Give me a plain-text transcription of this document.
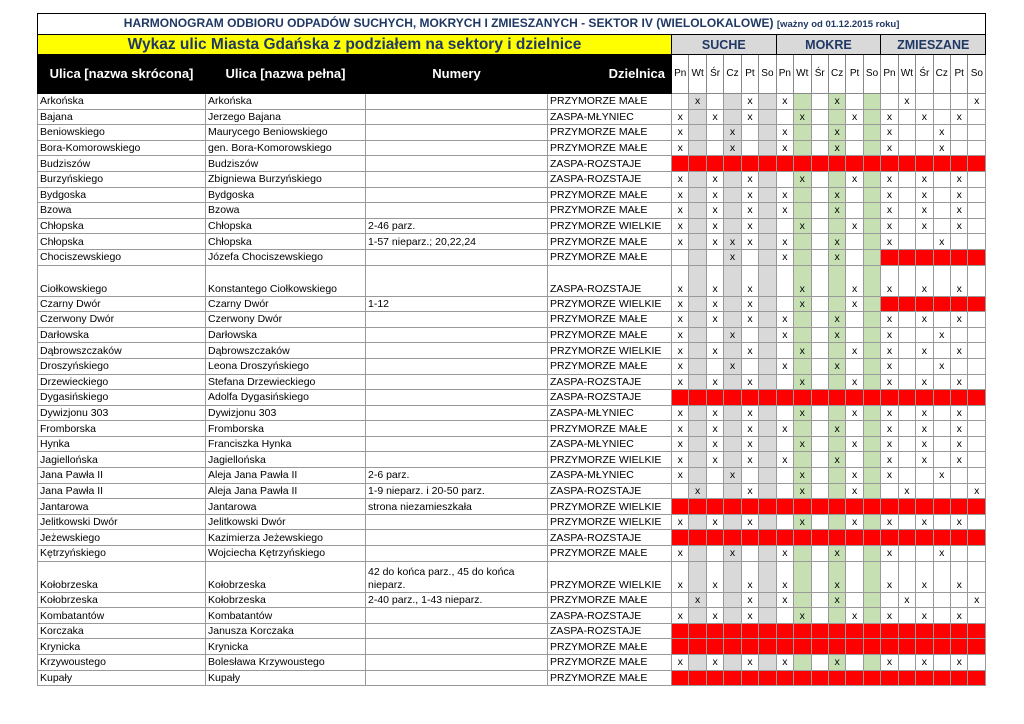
HARMONOGRAM ODBIORU ODPADÓW SUCHYCH, MOKRYCH I ZMIESZANYCH - SEKTOR IV (WIELOLOKALOWE) [ważny od 01.12.2015 roku]																					
Wykaz ulic Miasta Gdańska z podziałem na sektory i dzielnice				SUCHE						MOKRE						ZMIESZANE					
Ulica [nazwa skrócona]	Ulica [nazwa pełna]	Numery	Dzielnica	Pn	Wt	Śr	Cz	Pt	So	Pn	Wt	Śr	Cz	Pt	So	Pn	Wt	Śr	Cz	Pt	So
Arkońska	Arkońska		PRZYMORZE MAŁE		x			x		x			x				x				x
Bajana	Jerzego Bajana		ZASPA-MŁYNIEC	x		x		x			x			x		x		x		x	
Beniowskiego	Maurycego Beniowskiego		PRZYMORZE MAŁE	x			x			x			x			x			x		
Bora-Komorowskiego	gen. Bora-Komorowskiego		PRZYMORZE MAŁE	x			x			x			x			x			x		
Budziszów	Budziszów		ZASPA-ROZSTAJE																		
Burzyńskiego	Zbigniewa Burzyńskiego		ZASPA-ROZSTAJE	x		x		x			x			x		x		x		x	
Bydgoska	Bydgoska		PRZYMORZE MAŁE	x		x		x		x			x			x		x		x	
Bzowa	Bzowa		PRZYMORZE MAŁE	x		x		x		x			x			x		x		x	
Chłopska	Chłopska	2-46 parz.	PRZYMORZE WIELKIE	x		x		x			x			x		x		x		x	
Chłopska	Chłopska	1-57 nieparz.; 20,22,24	PRZYMORZE MAŁE	x		x	x	x		x			x			x			x		
Chociszewskiego	Józefa Chociszewskiego		PRZYMORZE MAŁE				x			x			x								
Ciołkowskiego	Konstantego Ciołkowskiego		ZASPA-ROZSTAJE	x		x		x			x			x		x		x		x	
Czarny Dwór	Czarny Dwór	1-12	PRZYMORZE WIELKIE	x		x		x			x			x							
Czerwony Dwór	Czerwony Dwór		PRZYMORZE MAŁE	x		x		x		x			x			x		x		x	
Darłowska	Darłowska		PRZYMORZE MAŁE	x			x			x			x			x			x		
Dąbrowszczaków	Dąbrowszczaków		PRZYMORZE WIELKIE	x		x		x			x			x		x		x		x	
Droszyńskiego	Leona Droszyńskiego		PRZYMORZE MAŁE	x			x			x			x			x			x		
Drzewieckiego	Stefana Drzewieckiego		ZASPA-ROZSTAJE	x		x		x			x			x		x		x		x	
Dygasińskiego	Adolfa Dygasińskiego		ZASPA-ROZSTAJE																		
Dywizjonu 303	Dywizjonu 303		ZASPA-MŁYNIEC	x		x		x			x			x		x		x		x	
Fromborska	Fromborska		PRZYMORZE MAŁE	x		x		x		x			x			x		x		x	
Hynka	Franciszka Hynka		ZASPA-MŁYNIEC	x		x		x			x			x		x		x		x	
Jagiellońska	Jagiellońska		PRZYMORZE WIELKIE	x		x		x		x			x			x		x		x	
Jana Pawła II	Aleja Jana Pawła II	2-6 parz.	ZASPA-MŁYNIEC	x			x				x			x		x			x		
Jana Pawła II	Aleja Jana Pawła II	1-9 nieparz. i 20-50 parz.	ZASPA-ROZSTAJE		x			x			x			x			x				x
Jantarowa	Jantarowa	strona niezamieszkała	PRZYMORZE WIELKIE																		
Jelitkowski Dwór	Jelitkowski Dwór		PRZYMORZE WIELKIE	x		x		x			x			x		x		x		x	
Jeżewskiego	Kazimierza Jeżewskiego		ZASPA-ROZSTAJE																		
Kętrzyńskiego	Wojciecha Kętrzyńskiego		PRZYMORZE MAŁE	x			x			x			x			x			x		
Kołobrzeska	Kołobrzeska	42 do końca parz., 45 do końca nieparz.	PRZYMORZE WIELKIE	x		x		x		x			x			x		x		x	
Kołobrzeska	Kołobrzeska	2-40 parz., 1-43 nieparz.	PRZYMORZE MAŁE		x			x		x			x				x				x
Kombatantów	Kombatantów		ZASPA-ROZSTAJE	x		x		x			x			x		x		x		x	
Korczaka	Janusza Korczaka		ZASPA-ROZSTAJE																		
Krynicka	Krynicka		PRZYMORZE MAŁE																		
Krzywoustego	Bolesława Krzywoustego		PRZYMORZE MAŁE	x		x		x		x			x			x		x		x	
Kupały	Kupały		PRZYMORZE MAŁE																		
